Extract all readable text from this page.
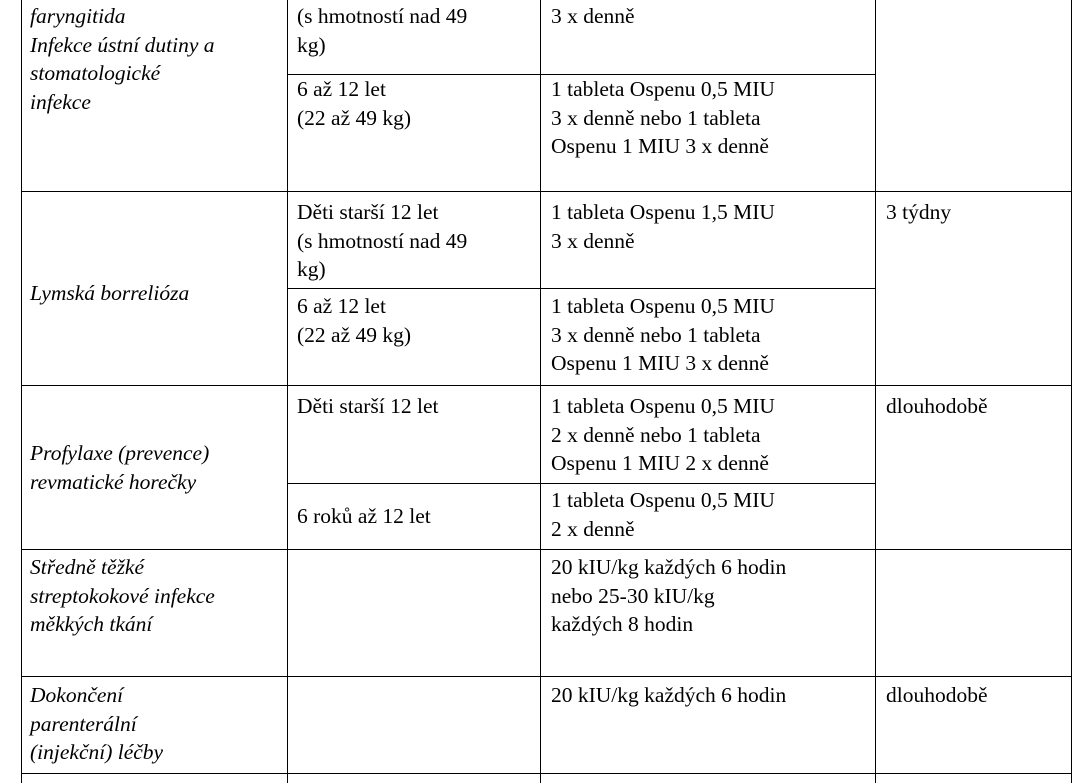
faryngitida
Infekce ústní dutiny a
stomatologické
infekce
(s hmotností nad 49
kg)
3 x denně
6 až 12 let
(22 až 49 kg)
1 tableta Ospenu 0,5 MIU
3 x denně nebo 1 tableta
Ospenu 1 MIU 3 x denně
Lymská borrelióza
Děti starší 12 let
(s hmotností nad 49
kg)
1 tableta Ospenu 1,5 MIU
3 x denně
3 týdny
6 až 12 let
(22 až 49 kg)
1 tableta Ospenu 0,5 MIU
3 x denně nebo 1 tableta
Ospenu 1 MIU 3 x denně
Profylaxe (prevence)
revmatické horečky
Děti starší 12 let	1 tableta Ospenu 0,5 MIU
2 x denně nebo 1 tableta
Ospenu 1 MIU 2 x denně
dlouhodobě
6 roků až 12 let
1 tableta Ospenu 0,5 MIU
2 x denně
Středně těžké
streptokokové infekce
měkkých tkání
20 kIU/kg každých 6 hodin
nebo 25-30 kIU/kg
každých 8 hodin
Dokončení
parenterální
(injekční) léčby
20 kIU/kg každých 6 hodin	dlouhodobě
